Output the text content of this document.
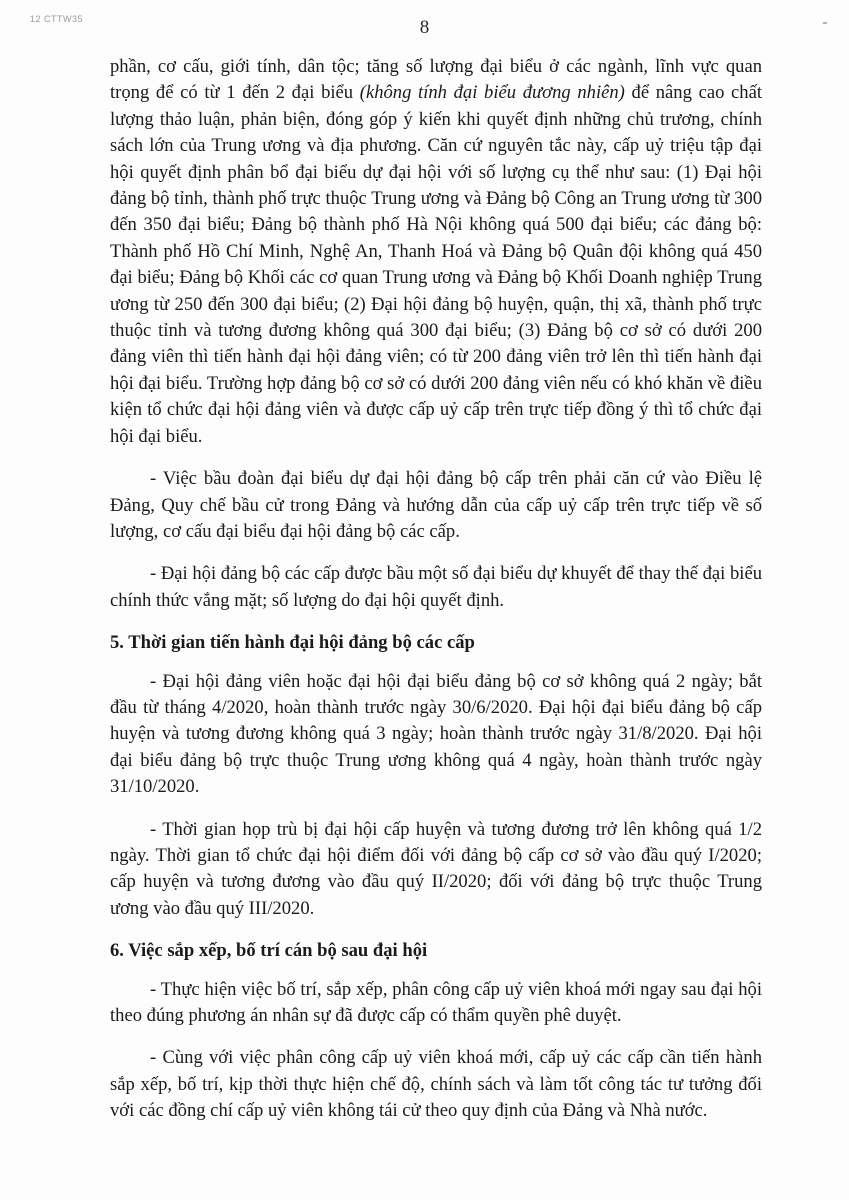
12 CTTW35	8

phần, cơ cấu, giới tính, dân tộc; tăng số lượng đại biểu ở các ngành, lĩnh vực quan trọng để có từ 1 đến 2 đại biểu (không tính đại biểu đương nhiên) để nâng cao chất lượng thảo luận, phản biện, đóng góp ý kiến khi quyết định những chủ trương, chính sách lớn của Trung ương và địa phương. Căn cứ nguyên tắc này, cấp uỷ triệu tập đại hội quyết định phân bổ đại biểu dự đại hội với số lượng cụ thể như sau: (1) Đại hội đảng bộ tỉnh, thành phố trực thuộc Trung ương và Đảng bộ Công an Trung ương từ 300 đến 350 đại biểu; Đảng bộ thành phố Hà Nội không quá 500 đại biểu; các đảng bộ: Thành phố Hồ Chí Minh, Nghệ An, Thanh Hoá và Đảng bộ Quân đội không quá 450 đại biểu; Đảng bộ Khối các cơ quan Trung ương và Đảng bộ Khối Doanh nghiệp Trung ương từ 250 đến 300 đại biểu; (2) Đại hội đảng bộ huyện, quận, thị xã, thành phố trực thuộc tỉnh và tương đương không quá 300 đại biểu; (3) Đảng bộ cơ sở có dưới 200 đảng viên thì tiến hành đại hội đảng viên; có từ 200 đảng viên trở lên thì tiến hành đại hội đại biểu. Trường hợp đảng bộ cơ sở có dưới 200 đảng viên nếu có khó khăn về điều kiện tổ chức đại hội đảng viên và được cấp uỷ cấp trên trực tiếp đồng ý thì tổ chức đại hội đại biểu.

- Việc bầu đoàn đại biểu dự đại hội đảng bộ cấp trên phải căn cứ vào Điều lệ Đảng, Quy chế bầu cử trong Đảng và hướng dẫn của cấp uỷ cấp trên trực tiếp về số lượng, cơ cấu đại biểu đại hội đảng bộ các cấp.

- Đại hội đảng bộ các cấp được bầu một số đại biểu dự khuyết để thay thế đại biểu chính thức vắng mặt; số lượng do đại hội quyết định.

5. Thời gian tiến hành đại hội đảng bộ các cấp

- Đại hội đảng viên hoặc đại hội đại biểu đảng bộ cơ sở không quá 2 ngày; bắt đầu từ tháng 4/2020, hoàn thành trước ngày 30/6/2020. Đại hội đại biểu đảng bộ cấp huyện và tương đương không quá 3 ngày; hoàn thành trước ngày 31/8/2020. Đại hội đại biểu đảng bộ trực thuộc Trung ương không quá 4 ngày, hoàn thành trước ngày 31/10/2020.

- Thời gian họp trù bị đại hội cấp huyện và tương đương trở lên không quá 1/2 ngày. Thời gian tổ chức đại hội điểm đối với đảng bộ cấp cơ sở vào đầu quý I/2020; cấp huyện và tương đương vào đầu quý II/2020; đối với đảng bộ trực thuộc Trung ương vào đầu quý III/2020.

6. Việc sắp xếp, bố trí cán bộ sau đại hội

- Thực hiện việc bố trí, sắp xếp, phân công cấp uỷ viên khoá mới ngay sau đại hội theo đúng phương án nhân sự đã được cấp có thẩm quyền phê duyệt.

- Cùng với việc phân công cấp uỷ viên khoá mới, cấp uỷ các cấp cần tiến hành sắp xếp, bố trí, kịp thời thực hiện chế độ, chính sách và làm tốt công tác tư tưởng đối với các đồng chí cấp uỷ viên không tái cử theo quy định của Đảng và Nhà nước.
